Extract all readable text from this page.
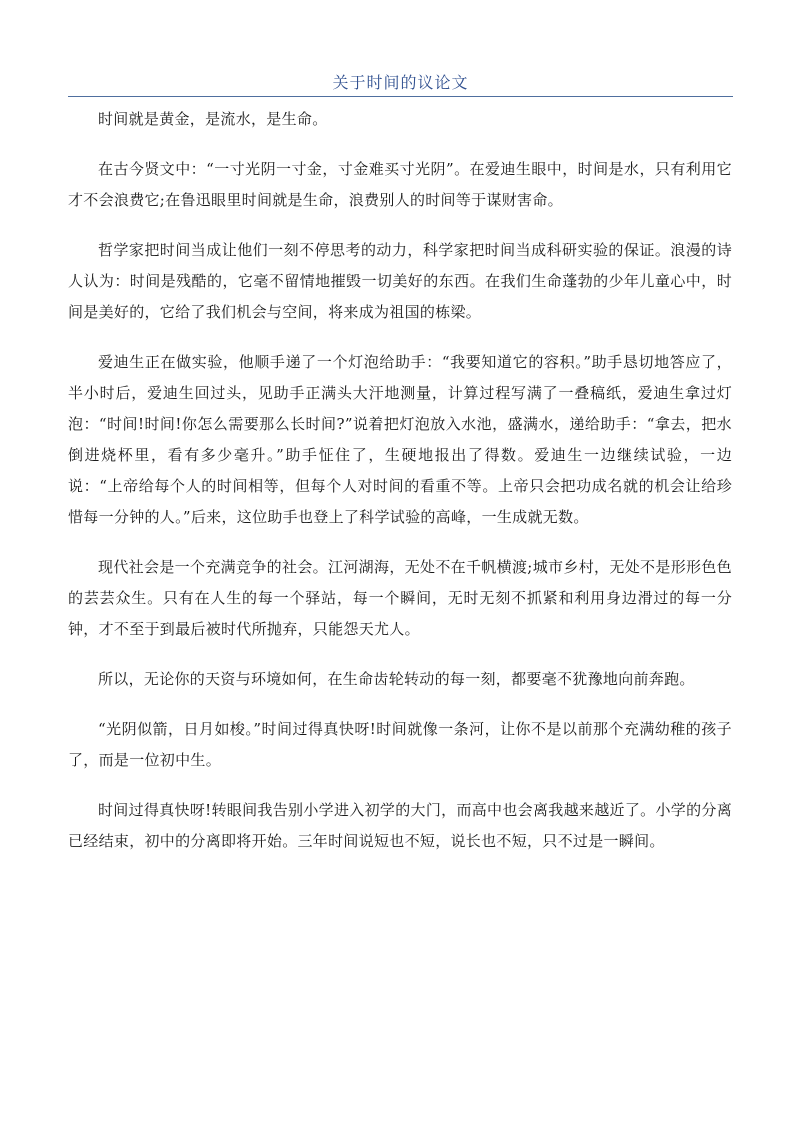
关于时间的议论文

时间就是黄金，是流水，是生命。

在古今贤文中：“一寸光阴一寸金，寸金难买寸光阴”。在爱迪生眼中，时间是水，只有利用它才不会浪费它;在鲁迅眼里时间就是生命，浪费别人的时间等于谋财害命。

哲学家把时间当成让他们一刻不停思考的动力，科学家把时间当成科研实验的保证。浪漫的诗人认为：时间是残酷的，它毫不留情地摧毁一切美好的东西。在我们生命蓬勃的少年儿童心中，时间是美好的，它给了我们机会与空间，将来成为祖国的栋梁。

爱迪生正在做实验，他顺手递了一个灯泡给助手：“我要知道它的容积。”助手恳切地答应了，半小时后，爱迪生回过头，见助手正满头大汗地测量，计算过程写满了一叠稿纸，爱迪生拿过灯泡：“时间!时间!你怎么需要那么长时间?”说着把灯泡放入水池，盛满水，递给助手：“拿去，把水倒进烧杯里，看有多少毫升。”助手怔住了，生硬地报出了得数。爱迪生一边继续试验，一边说：“上帝给每个人的时间相等，但每个人对时间的看重不等。上帝只会把功成名就的机会让给珍惜每一分钟的人。”后来，这位助手也登上了科学试验的高峰，一生成就无数。

现代社会是一个充满竞争的社会。江河湖海，无处不在千帆横渡;城市乡村，无处不是形形色色的芸芸众生。只有在人生的每一个驿站，每一个瞬间，无时无刻不抓紧和利用身边滑过的每一分钟，才不至于到最后被时代所抛弃，只能怨天尤人。

所以，无论你的天资与环境如何，在生命齿轮转动的每一刻，都要毫不犹豫地向前奔跑。

“光阴似箭，日月如梭。”时间过得真快呀!时间就像一条河，让你不是以前那个充满幼稚的孩子了，而是一位初中生。

时间过得真快呀!转眼间我告别小学进入初学的大门，而高中也会离我越来越近了。小学的分离已经结束，初中的分离即将开始。三年时间说短也不短，说长也不短，只不过是一瞬间。
